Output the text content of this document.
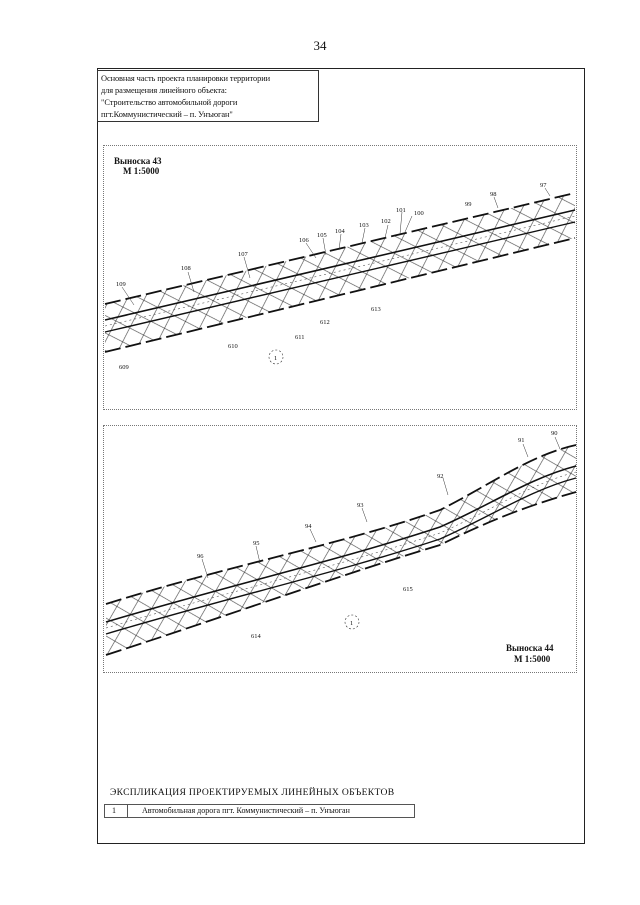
34
Основная часть проекта планировки территории
для размещения линейного объекта:
"Строительство автомобильной дороги
пгт.Коммунистический – п. Унъюган"
Выноска 43
М 1:5000
1
97
98
99
100
101
102
103
104
105
106
107
108
109
609
610
611
612
613
Выноска 44
М 1:5000
1
90
91
92
93
94
95
96
614
615
ЭКСПЛИКАЦИЯ ПРОЕКТИРУЕМЫХ ЛИНЕЙНЫХ ОБЪЕКТОВ
1	Автомобильная дорога пгт. Коммунистический – п. Унъюган
